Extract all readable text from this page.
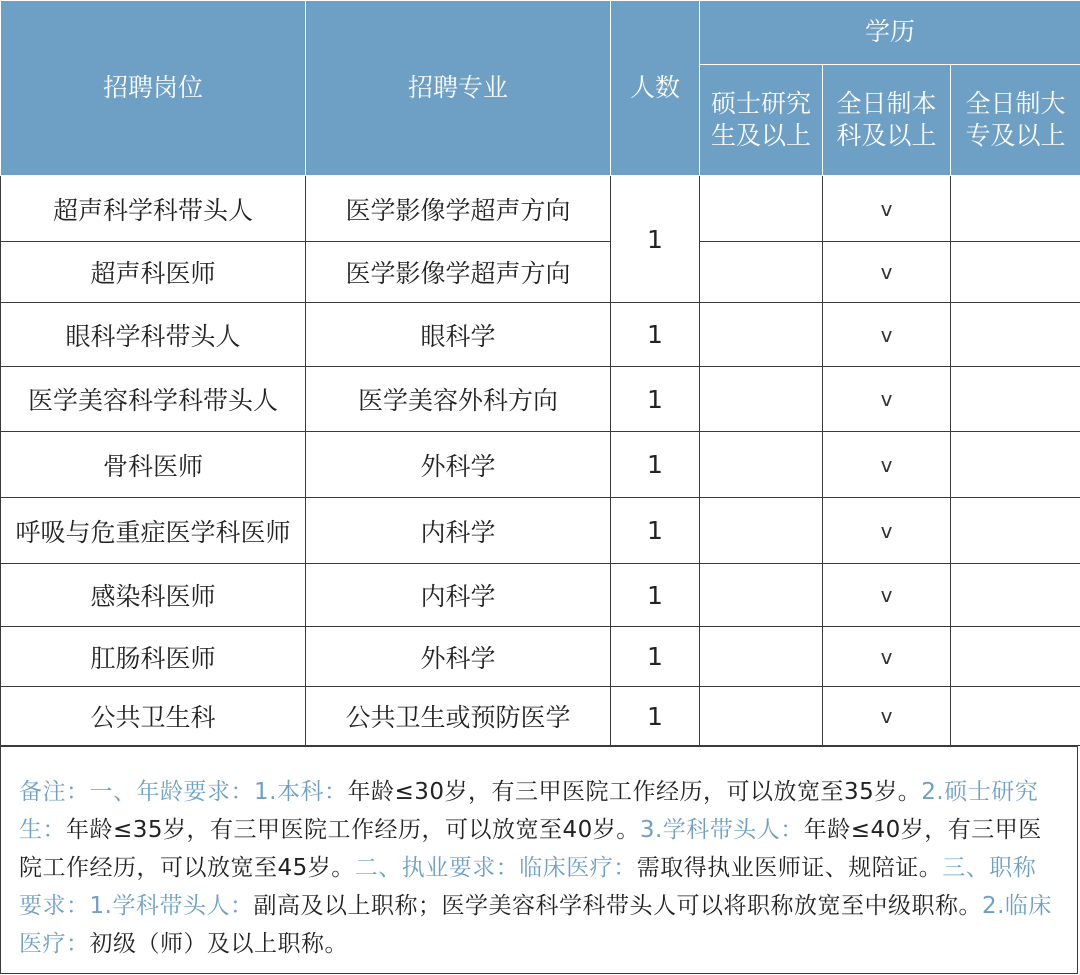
招聘岗位	招聘专业	人数	学历		
			硕士研究生及以上	全日制本科及以上	全日制大专及以上
超声科学科带头人	医学影像学超声方向	1		v	
超声科医师	医学影像学超声方向			v	
眼科学科带头人	眼科学	1		v	
医学美容科学科带头人	医学美容外科方向	1		v	
骨科医师	外科学	1		v	
呼吸与危重症医学科医师	内科学	1		v	
感染科医师	内科学	1		v	
肛肠科医师	外科学	1		v	
公共卫生科	公共卫生或预防医学	1		v	
备注：一、年龄要求：1.本科：年龄≤30岁，有三甲医院工作经历，可以放宽至35岁。2.硕士研究生：年龄≤35岁，有三甲医院工作经历，可以放宽至40岁。3.学科带头人：年龄≤40岁，有三甲医院工作经历，可以放宽至45岁。二、执业要求：临床医疗：需取得执业医师证、规陪证。三、职称要求：1.学科带头人：副高及以上职称；医学美容科学科带头人可以将职称放宽至中级职称。2.临床医疗：初级（师）及以上职称。
